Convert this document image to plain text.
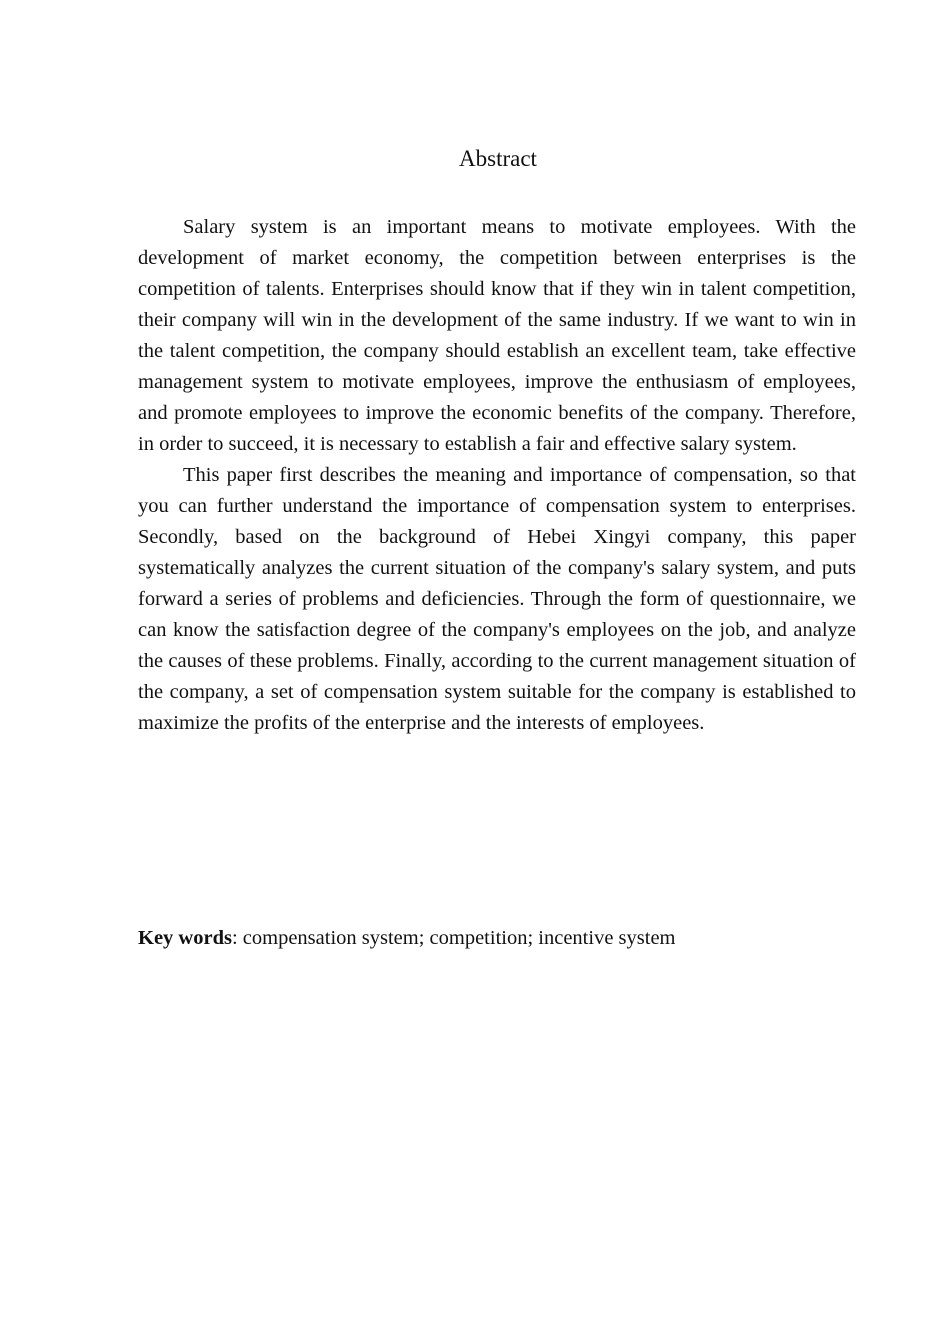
Abstract

Salary system is an important means to motivate employees. With the development of market economy, the competition between enterprises is the competition of talents. Enterprises should know that if they win in talent competition, their company will win in the development of the same industry. If we want to win in the talent competition, the company should establish an excellent team, take effective management system to motivate employees, improve the enthusiasm of employees, and promote employees to improve the economic benefits of the company. Therefore, in order to succeed, it is necessary to establish a fair and effective salary system.

This paper first describes the meaning and importance of compensation, so that you can further understand the importance of compensation system to enterprises. Secondly, based on the background of Hebei Xingyi company, this paper systematically analyzes the current situation of the company's salary system, and puts forward a series of problems and deficiencies. Through the form of questionnaire, we can know the satisfaction degree of the company's employees on the job, and analyze the causes of these problems. Finally, according to the current management situation of the company, a set of compensation system suitable for the company is established to maximize the profits of the enterprise and the interests of employees.

Key words: compensation system; competition; incentive system
